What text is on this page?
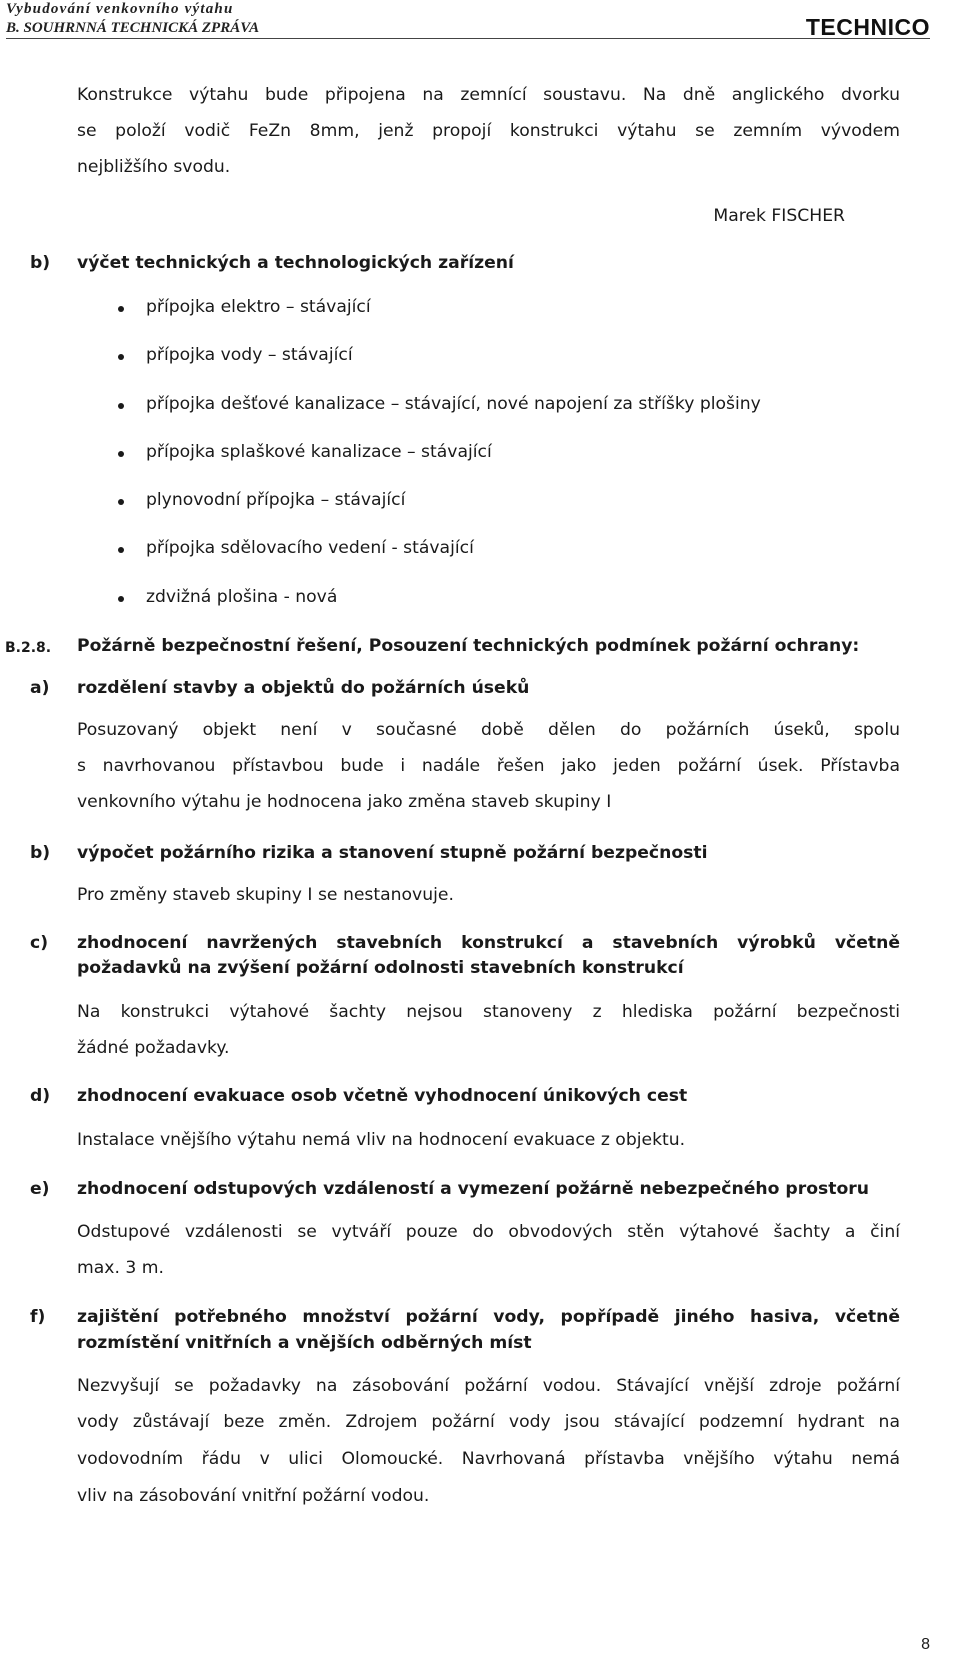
Vybudování venkovního výtahu
B. SOUHRNNÁ TECHNICKÁ ZPRÁVA	TECHNICO
Konstrukce výtahu bude připojena na zemnící soustavu. Na dně anglického dvorku
se položí vodič FeZn 8mm, jenž propojí konstrukci výtahu se zemním vývodem
nejbližšího svodu.
Marek FISCHER
b) výčet technických a technologických zařízení
přípojka elektro – stávající
přípojka vody – stávající
přípojka dešťové kanalizace – stávající, nové napojení za stříšky plošiny
přípojka splaškové kanalizace – stávající
plynovodní přípojka – stávající
přípojka sdělovacího vedení - stávající
zdvižná plošina - nová
B.2.8. Požárně bezpečnostní řešení, Posouzení technických podmínek požární ochrany:
a) rozdělení stavby a objektů do požárních úseků
Posuzovaný objekt není v současné době dělen do požárních úseků, spolu
s navrhovanou přístavbou bude i nadále řešen jako jeden požární úsek. Přístavba
venkovního výtahu je hodnocena jako změna staveb skupiny I
b) výpočet požárního rizika a stanovení stupně požární bezpečnosti
Pro změny staveb skupiny I se nestanovuje.
c) zhodnocení navržených stavebních konstrukcí a stavebních výrobků včetně
požadavků na zvýšení požární odolnosti stavebních konstrukcí
Na konstrukci výtahové šachty nejsou stanoveny z hlediska požární bezpečnosti
žádné požadavky.
d) zhodnocení evakuace osob včetně vyhodnocení únikových cest
Instalace vnějšího výtahu nemá vliv na hodnocení evakuace z objektu.
e) zhodnocení odstupových vzdáleností a vymezení požárně nebezpečného prostoru
Odstupové vzdálenosti se vytváří pouze do obvodových stěn výtahové šachty a činí
max. 3 m.
f) zajištění potřebného množství požární vody, popřípadě jiného hasiva, včetně
rozmístění vnitřních a vnějších odběrných míst
Nezvyšují se požadavky na zásobování požární vodou. Stávající vnější zdroje požární
vody zůstávají beze změn. Zdrojem požární vody jsou stávající podzemní hydrant na
vodovodním řádu v ulici Olomoucké. Navrhovaná přístavba vnějšího výtahu nemá
vliv na zásobování vnitřní požární vodou.
8
